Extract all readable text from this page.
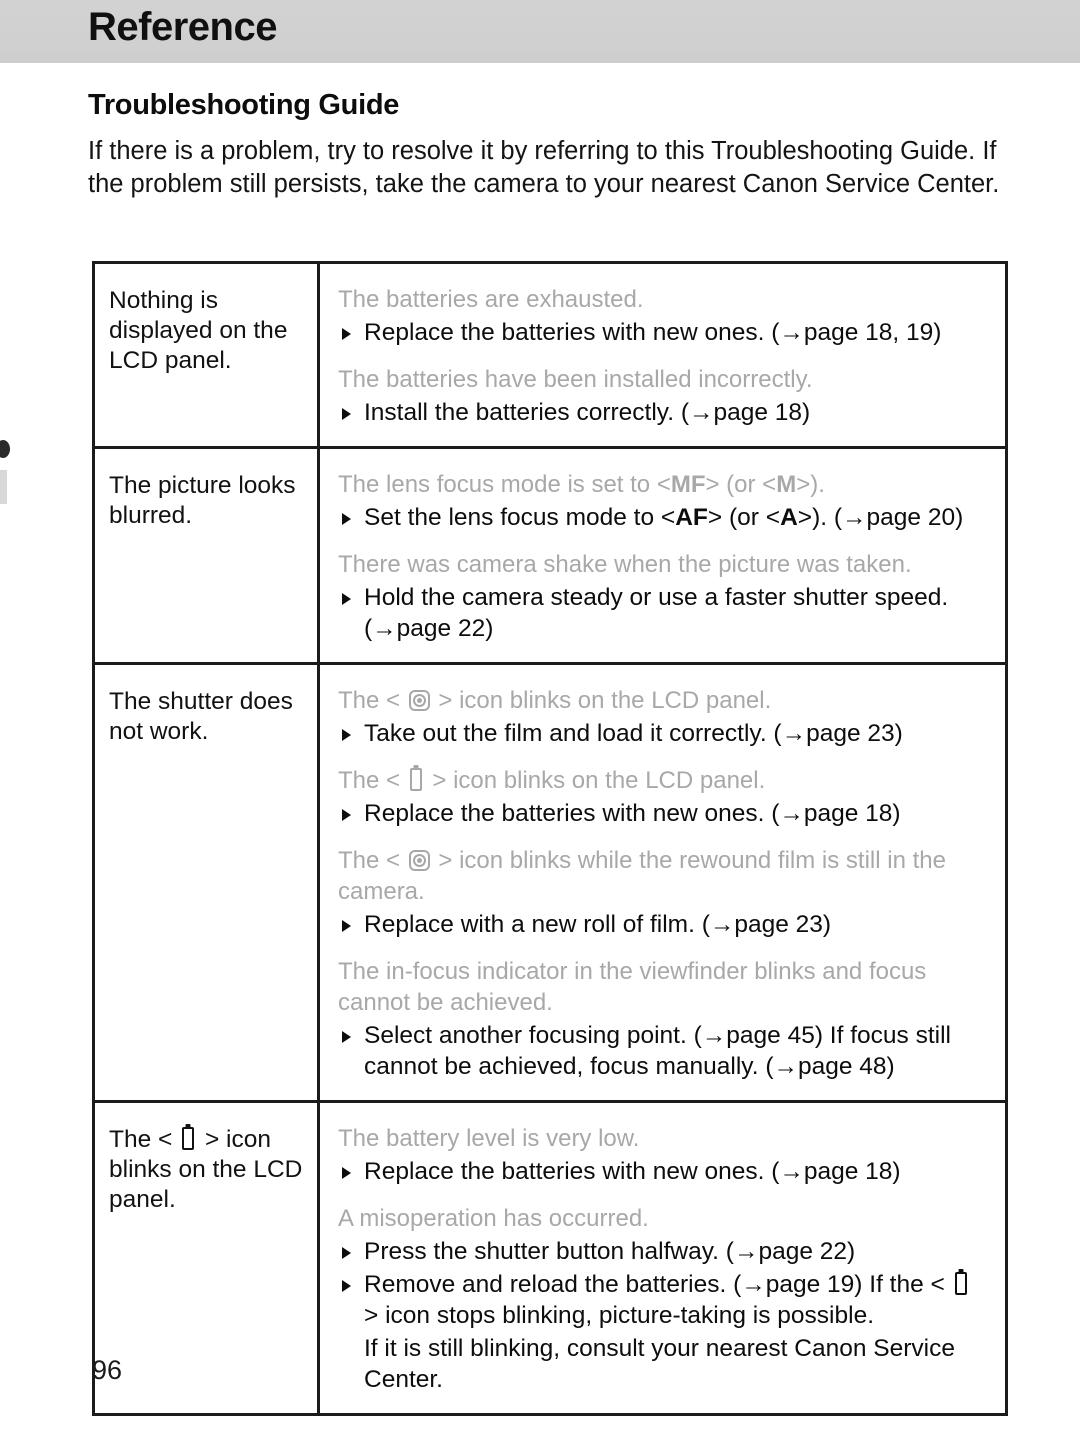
Reference
Troubleshooting Guide
If there is a problem, try to resolve it by referring to this Troubleshooting Guide. If the problem still persists, take the camera to your nearest Canon Service Center.
Nothing is displayed on the LCD panel.
The batteries are exhausted.
Replace the batteries with new ones. (→page 18, 19)
The batteries have been installed incorrectly.
Install the batteries correctly. (→page 18)
The picture looks blurred.
The lens focus mode is set to <MF> (or <M>).
Set the lens focus mode to <AF> (or <A>). (→page 20)
There was camera shake when the picture was taken.
Hold the camera steady or use a faster shutter speed. (→page 22)
The shutter does not work.
The <  > icon blinks on the LCD panel.
Take out the film and load it correctly. (→page 23)
The <  > icon blinks on the LCD panel.
Replace the batteries with new ones. (→page 18)
The <  > icon blinks while the rewound film is still in the camera.
Replace with a new roll of film. (→page 23)
The in-focus indicator in the viewfinder blinks and focus cannot be achieved.
Select another focusing point. (→page 45) If focus still cannot be achieved, focus manually. (→page 48)
The <  > icon blinks on the LCD panel.
The battery level is very low.
Replace the batteries with new ones. (→page 18)
A misoperation has occurred.
Press the shutter button halfway. (→page 22)
Remove and reload the batteries. (→page 19) If the <  > icon stops blinking, picture-taking is possible.
If it is still blinking, consult your nearest Canon Service Center.
96
